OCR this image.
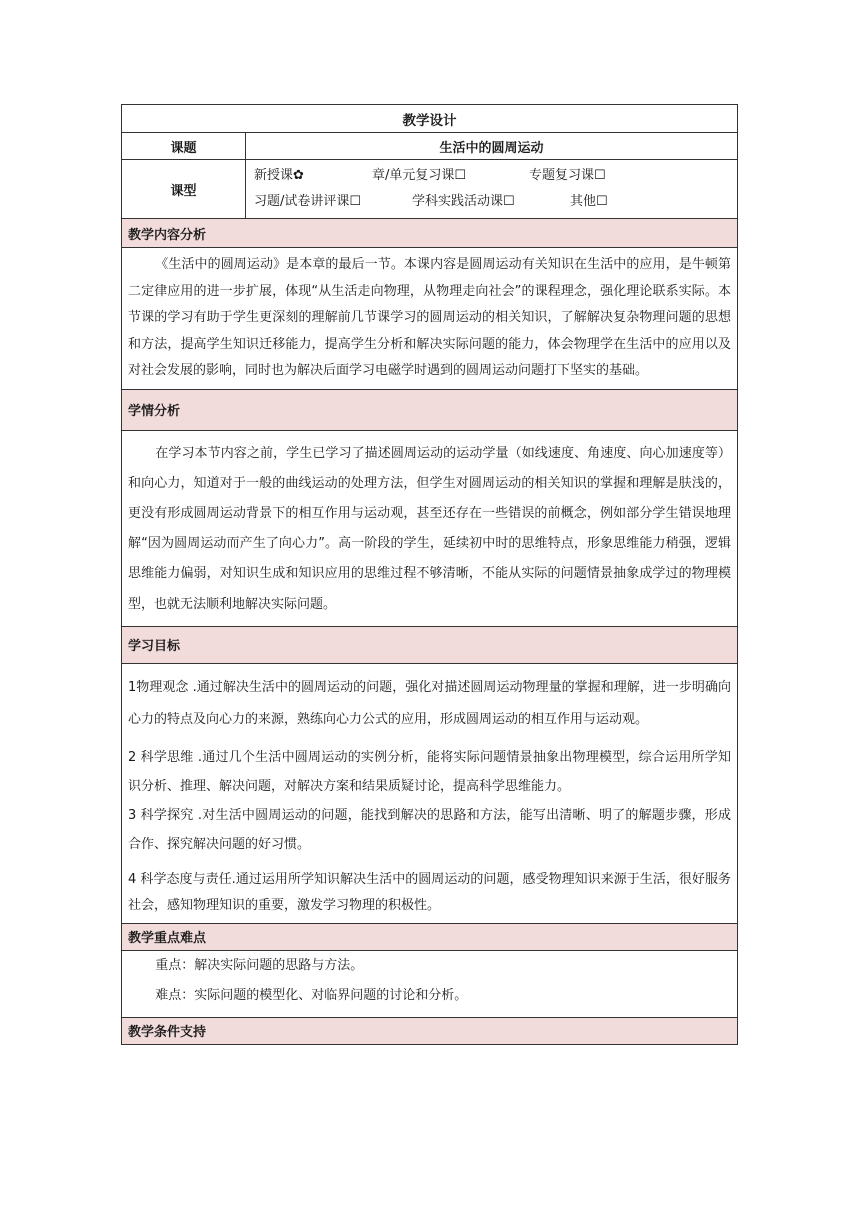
教学设计	
课题	生活中的圆周运动
课型	新授课✿ 章/单元复习课☐ 专题复习课☐
习题/试卷讲评课☐ 学科实践活动课☐ 其他☐

教学内容分析	

《生活中的圆周运动》是本章的最后一节。本课内容是圆周运动有关知识在生活中的应用，是牛顿第二定律应用的进一步扩展，体现“从生活走向物理，从物理走向社会”的课程理念，强化理论联系实际。本节课的学习有助于学生更深刻的理解前几节课学习的圆周运动的相关知识，了解解决复杂物理问题的思想和方法，提高学生知识迁移能力，提高学生分析和解决实际问题的能力，体会物理学在生活中的应用以及对社会发展的影响，同时也为解决后面学习电磁学时遇到的圆周运动问题打下坚实的基础。	

学情分析	

在学习本节内容之前，学生已学习了描述圆周运动的运动学量（如线速度、角速度、向心加速度等）和向心力，知道对于一般的曲线运动的处理方法，但学生对圆周运动的相关知识的掌握和理解是肤浅的，更没有形成圆周运动背景下的相互作用与运动观，甚至还存在一些错误的前概念，例如部分学生错误地理解“因为圆周运动而产生了向心力”。高一阶段的学生，延续初中时的思维特点，形象思维能力稍强，逻辑思维能力偏弱，对知识生成和知识应用的思维过程不够清晰，不能从实际的问题情景抽象成学过的物理模型，也就无法顺利地解决实际问题。	

学习目标	

1物理观念 .通过解决生活中的圆周运动的问题，强化对描述圆周运动物理量的掌握和理解，进一步明确向心力的特点及向心力的来源，熟练向心力公式的应用，形成圆周运动的相互作用与运动观。

2 科学思维 .通过几个生活中圆周运动的实例分析，能将实际问题情景抽象出物理模型，综合运用所学知识分析、推理、解决问题，对解决方案和结果质疑讨论，提高科学思维能力。

3 科学探究 .对生活中圆周运动的问题，能找到解决的思路和方法，能写出清晰、明了的解题步骤，形成合作、探究解决问题的好习惯。

4 科学态度与责任.通过运用所学知识解决生活中的圆周运动的问题，感受物理知识来源于生活，很好服务社会，感知物理知识的重要，激发学习物理的积极性。	

教学重点难点	

重点：解决实际问题的思路与方法。

难点：实际问题的模型化、对临界问题的讨论和分析。	

教学条件支持	
